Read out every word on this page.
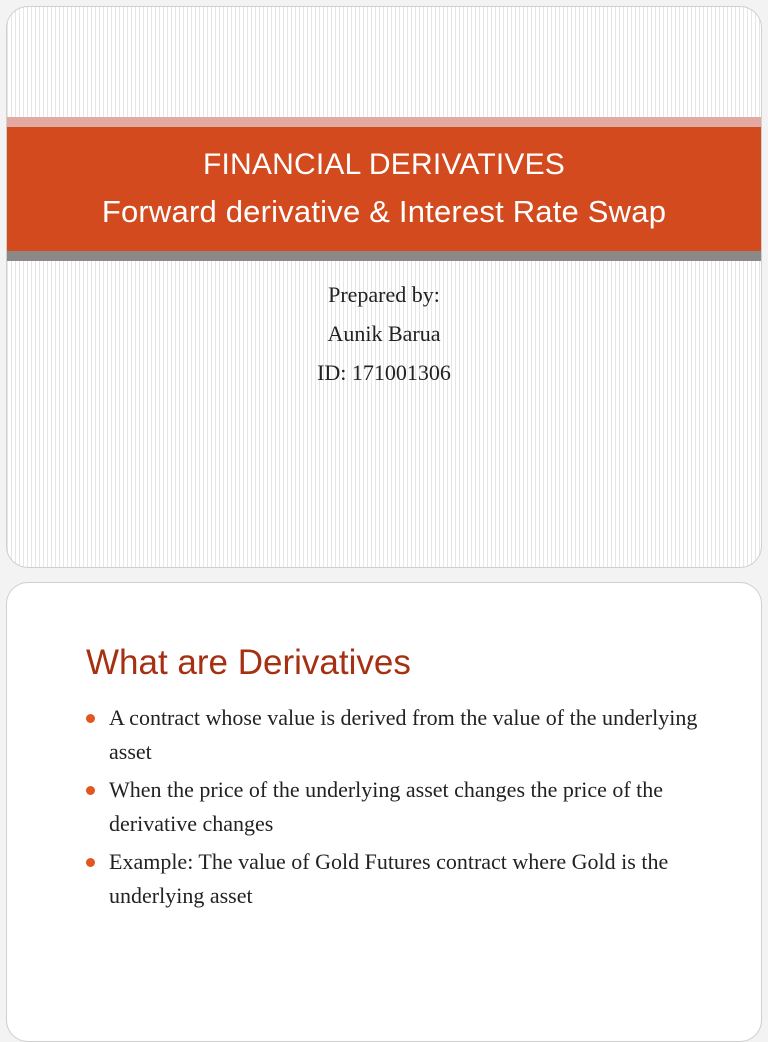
FINANCIAL DERIVATIVES
Forward derivative & Interest Rate Swap
Prepared by:
Aunik Barua
ID: 171001306
What are Derivatives
A contract whose value is derived from the value of the underlying asset
When the price of the underlying asset changes the price of the derivative changes
Example: The value of Gold Futures contract where Gold is the underlying asset
